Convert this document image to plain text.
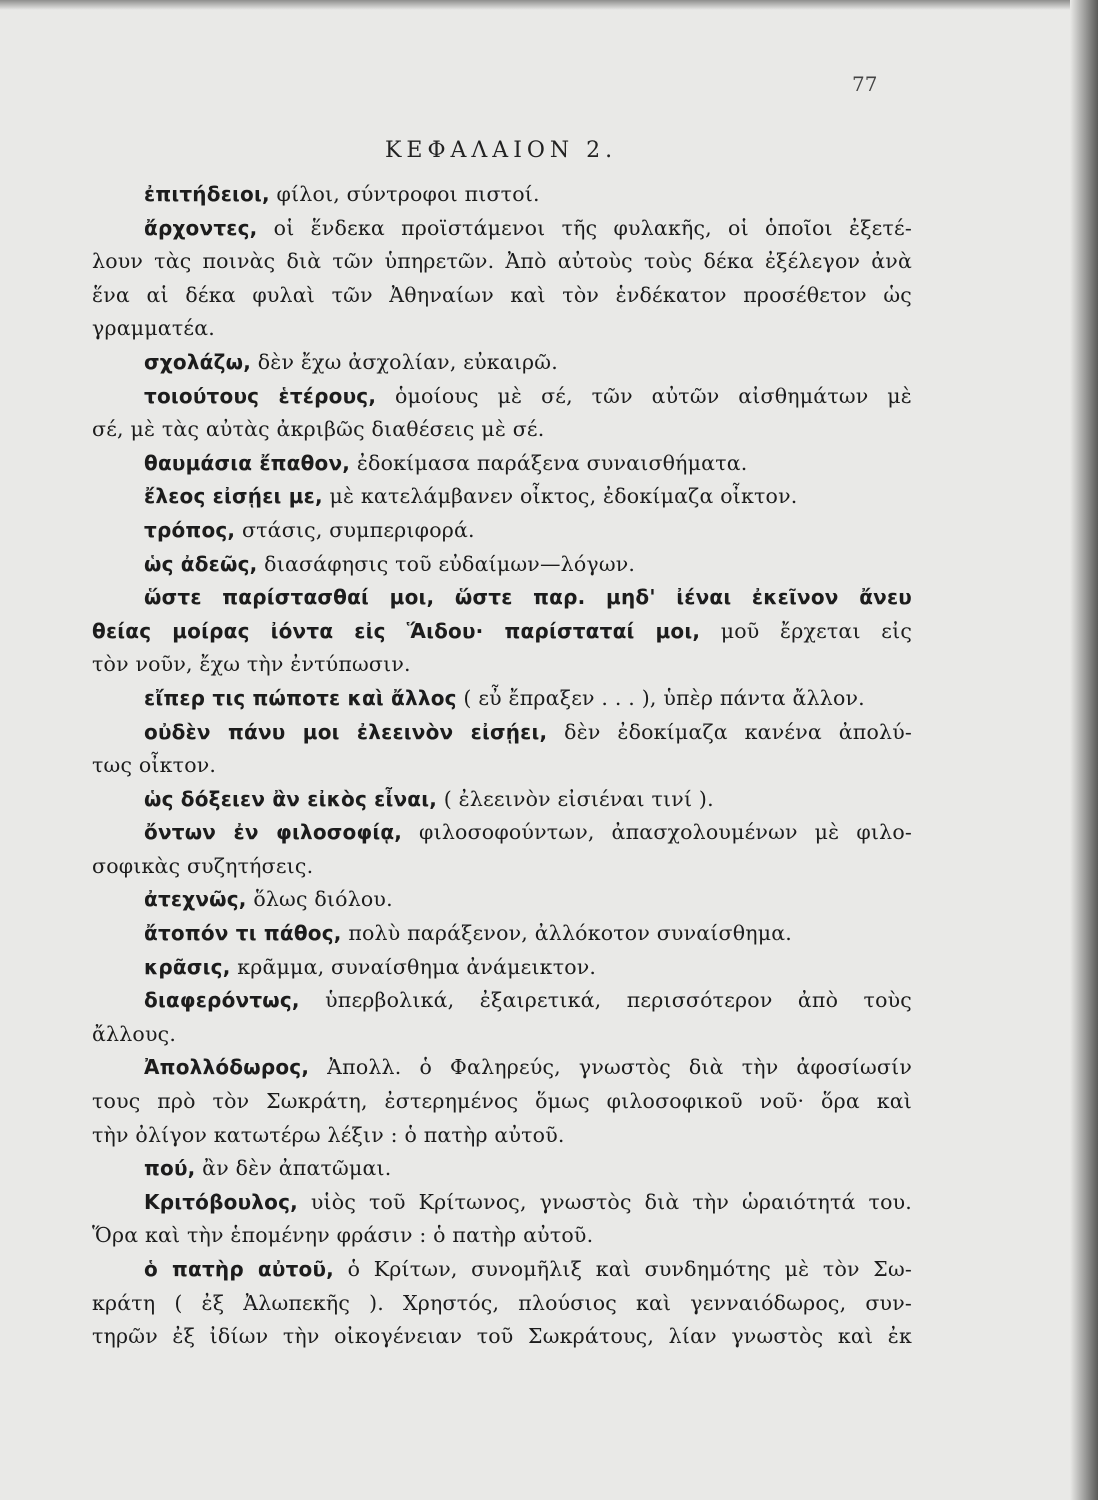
77
ΚΕΦΑΛΑΙΟΝ 2.
ἐπιτήδειοι, φίλοι, σύντροφοι πιστοί.
ἄρχοντες, οἱ ἕνδεκα προϊστάμενοι τῆς φυλακῆς, οἱ ὁποῖοι ἐξετέ-
λουν τὰς ποινὰς διὰ τῶν ὑπηρετῶν. Ἀπὸ αὐτοὺς τοὺς δέκα ἐξέλεγον ἀνὰ
ἕνα αἱ δέκα φυλαὶ τῶν Ἀθηναίων καὶ τὸν ἑνδέκατον προσέθετον ὡς
γραμματέα.
σχολάζω, δὲν ἔχω ἀσχολίαν, εὐκαιρῶ.
τοιούτους ἑτέρους, ὁμοίους μὲ σέ, τῶν αὐτῶν αἰσθημάτων μὲ
σέ, μὲ τὰς αὐτὰς ἀκριβῶς διαθέσεις μὲ σέ.
θαυμάσια ἔπαθον, ἐδοκίμασα παράξενα συναισθήματα.
ἔλεος εἰσῄει με, μὲ κατελάμβανεν οἶκτος, ἐδοκίμαζα οἶκτον.
τρόπος, στάσις, συμπεριφορά.
ὡς ἀδεῶς, διασάφησις τοῦ εὐδαίμων—λόγων.
ὥστε παρίστασθαί μοι, ὥστε παρ. μηδ' ἰέναι ἐκεῖνον ἄνευ
θείας μοίρας ἰόντα εἰς Ἅιδου· παρίσταταί μοι, μοῦ ἔρχεται εἰς
τὸν νοῦν, ἔχω τὴν ἐντύπωσιν.
εἴπερ τις πώποτε καὶ ἄλλος ( εὖ ἔπραξεν . . . ), ὑπὲρ πάντα ἄλλον.
οὐδὲν πάνυ μοι ἐλεεινὸν εἰσῄει, δὲν ἐδοκίμαζα κανένα ἀπολύ-
τως οἶκτον.
ὡς δόξειεν ἂν εἰκὸς εἶναι, ( ἐλεεινὸν εἰσιέναι τινί ).
ὄντων ἐν φιλοσοφίᾳ, φιλοσοφούντων, ἀπασχολουμένων μὲ φιλο-
σοφικὰς συζητήσεις.
ἀτεχνῶς, ὅλως διόλου.
ἄτοπόν τι πάθος, πολὺ παράξενον, ἀλλόκοτον συναίσθημα.
κρᾶσις, κρᾶμμα, συναίσθημα ἀνάμεικτον.
διαφερόντως, ὑπερβολικά, ἐξαιρετικά, περισσότερον ἀπὸ τοὺς
ἄλλους.
Ἀπολλόδωρος, Ἀπολλ. ὁ Φαληρεύς, γνωστὸς διὰ τὴν ἀφοσίωσίν
τους πρὸ τὸν Σωκράτη, ἐστερημένος ὅμως φιλοσοφικοῦ νοῦ· ὅρα καὶ
τὴν ὀλίγον κατωτέρω λέξιν : ὁ πατὴρ αὐτοῦ.
πού, ἂν δὲν ἀπατῶμαι.
Κριτόβουλος, υἱὸς τοῦ Κρίτωνος, γνωστὸς διὰ τὴν ὡραιότητά του.
Ὅρα καὶ τὴν ἑπομένην φράσιν : ὁ πατὴρ αὐτοῦ.
ὁ πατὴρ αὐτοῦ, ὁ Κρίτων, συνομῆλιξ καὶ συνδημότης μὲ τὸν Σω-
κράτη ( ἐξ Ἀλωπεκῆς ). Χρηστός, πλούσιος καὶ γενναιόδωρος, συν-
τηρῶν ἐξ ἰδίων τὴν οἰκογένειαν τοῦ Σωκράτους, λίαν γνωστὸς καὶ ἐκ
